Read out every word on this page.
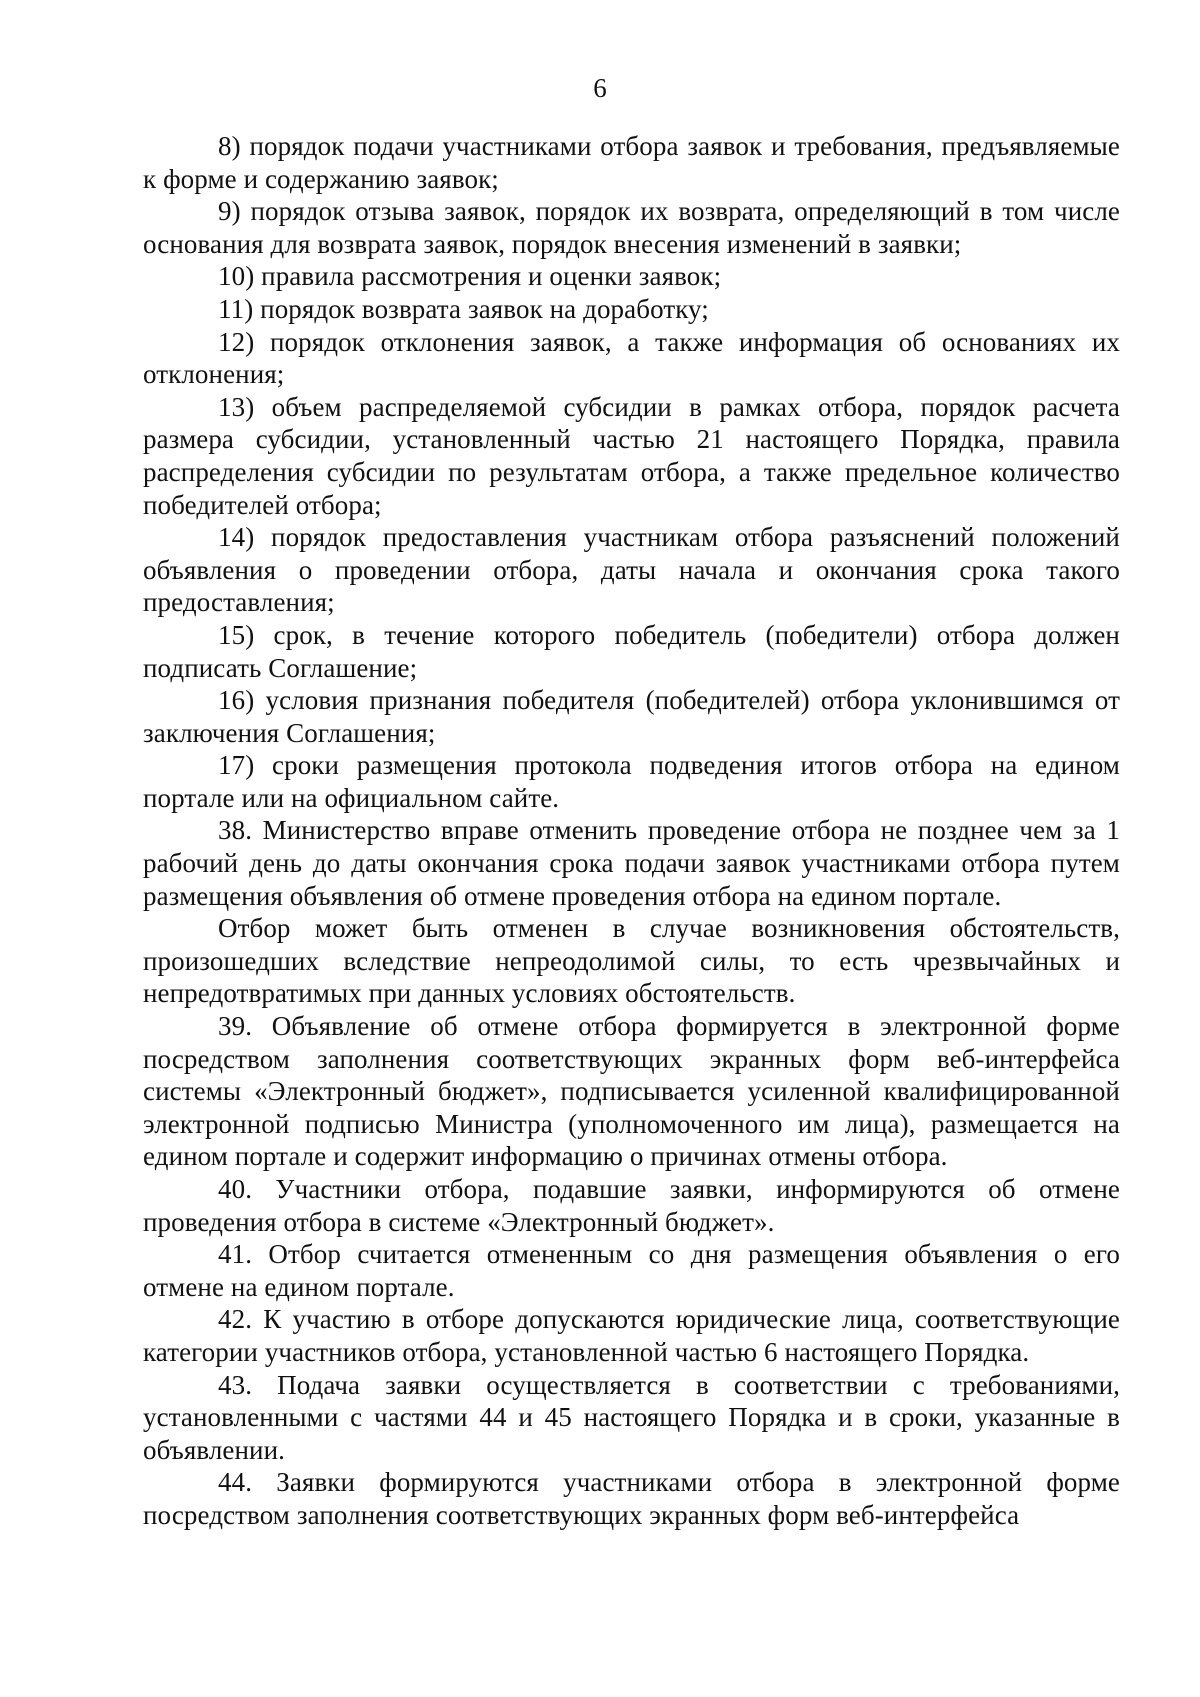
6

8) порядок подачи участниками отбора заявок и требования, предъявляемые к форме и содержанию заявок;

9) порядок отзыва заявок, порядок их возврата, определяющий в том числе основания для возврата заявок, порядок внесения изменений в заявки;

10) правила рассмотрения и оценки заявок;

11) порядок возврата заявок на доработку;

12) порядок отклонения заявок, а также информация об основаниях их отклонения;

13) объем распределяемой субсидии в рамках отбора, порядок расчета размера субсидии, установленный частью 21 настоящего Порядка, правила распределения субсидии по результатам отбора, а также предельное количество победителей отбора;

14) порядок предоставления участникам отбора разъяснений положений объявления о проведении отбора, даты начала и окончания срока такого предоставления;

15) срок, в течение которого победитель (победители) отбора должен подписать Соглашение;

16) условия признания победителя (победителей) отбора уклонившимся от заключения Соглашения;

17) сроки размещения протокола подведения итогов отбора на едином портале или на официальном сайте.

38. Министерство вправе отменить проведение отбора не позднее чем за 1 рабочий день до даты окончания срока подачи заявок участниками отбора путем размещения объявления об отмене проведения отбора на едином портале.

Отбор может быть отменен в случае возникновения обстоятельств, произошедших вследствие непреодолимой силы, то есть чрезвычайных и непредотвратимых при данных условиях обстоятельств.

39. Объявление об отмене отбора формируется в электронной форме посредством заполнения соответствующих экранных форм веб-интерфейса системы «Электронный бюджет», подписывается усиленной квалифицированной электронной подписью Министра (уполномоченного им лица), размещается на едином портале и содержит информацию о причинах отмены отбора.

40. Участники отбора, подавшие заявки, информируются об отмене проведения отбора в системе «Электронный бюджет».

41. Отбор считается отмененным со дня размещения объявления о его отмене на едином портале.

42. К участию в отборе допускаются юридические лица, соответствующие категории участников отбора, установленной частью 6 настоящего Порядка.

43. Подача заявки осуществляется в соответствии с требованиями, установленными с частями 44 и 45 настоящего Порядка и в сроки, указанные в объявлении.

44. Заявки формируются участниками отбора в электронной форме посредством заполнения соответствующих экранных форм веб-интерфейса
